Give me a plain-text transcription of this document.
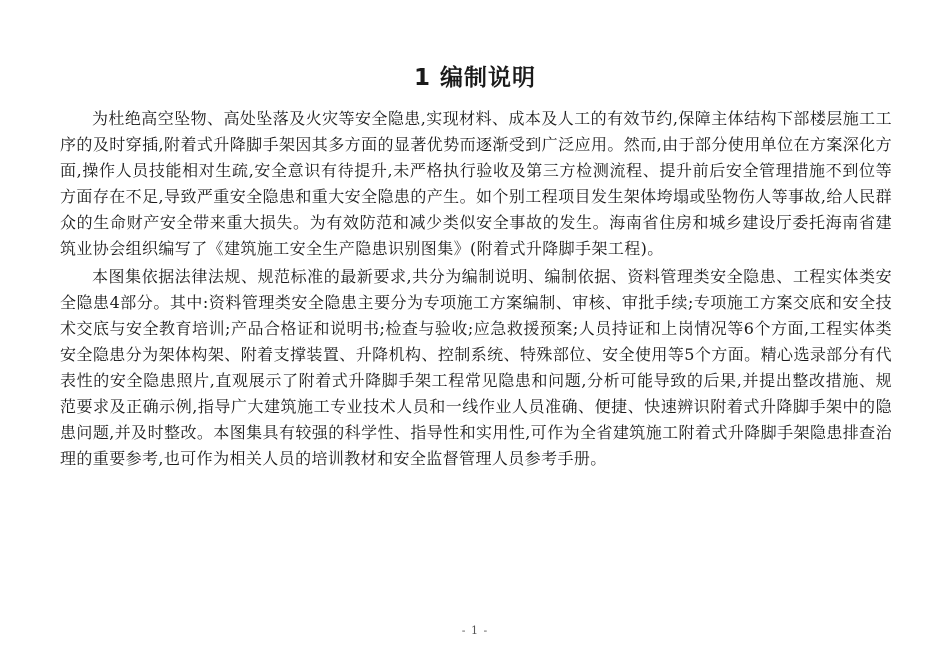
1 编制说明

为杜绝高空坠物、高处坠落及火灾等安全隐患,实现材料、成本及人工的有效节约,保障主体结构下部楼层施工工序的及时穿插,附着式升降脚手架因其多方面的显著优势而逐渐受到广泛应用。然而,由于部分使用单位在方案深化方面,操作人员技能相对生疏,安全意识有待提升,未严格执行验收及第三方检测流程、提升前后安全管理措施不到位等方面存在不足,导致严重安全隐患和重大安全隐患的产生。如个别工程项目发生架体垮塌或坠物伤人等事故,给人民群众的生命财产安全带来重大损失。为有效防范和减少类似安全事故的发生。海南省住房和城乡建设厅委托海南省建筑业协会组织编写了《建筑施工安全生产隐患识别图集》(附着式升降脚手架工程)。

本图集依据法律法规、规范标准的最新要求,共分为编制说明、编制依据、资料管理类安全隐患、工程实体类安全隐患4部分。其中:资料管理类安全隐患主要分为专项施工方案编制、审核、审批手续;专项施工方案交底和安全技术交底与安全教育培训;产品合格证和说明书;检查与验收;应急救援预案;人员持证和上岗情况等6个方面,工程实体类安全隐患分为架体构架、附着支撑装置、升降机构、控制系统、特殊部位、安全使用等5个方面。精心选录部分有代表性的安全隐患照片,直观展示了附着式升降脚手架工程常见隐患和问题,分析可能导致的后果,并提出整改措施、规范要求及正确示例,指导广大建筑施工专业技术人员和一线作业人员准确、便捷、快速辨识附着式升降脚手架中的隐患问题,并及时整改。本图集具有较强的科学性、指导性和实用性,可作为全省建筑施工附着式升降脚手架隐患排查治理的重要参考,也可作为相关人员的培训教材和安全监督管理人员参考手册。

- 1 -
